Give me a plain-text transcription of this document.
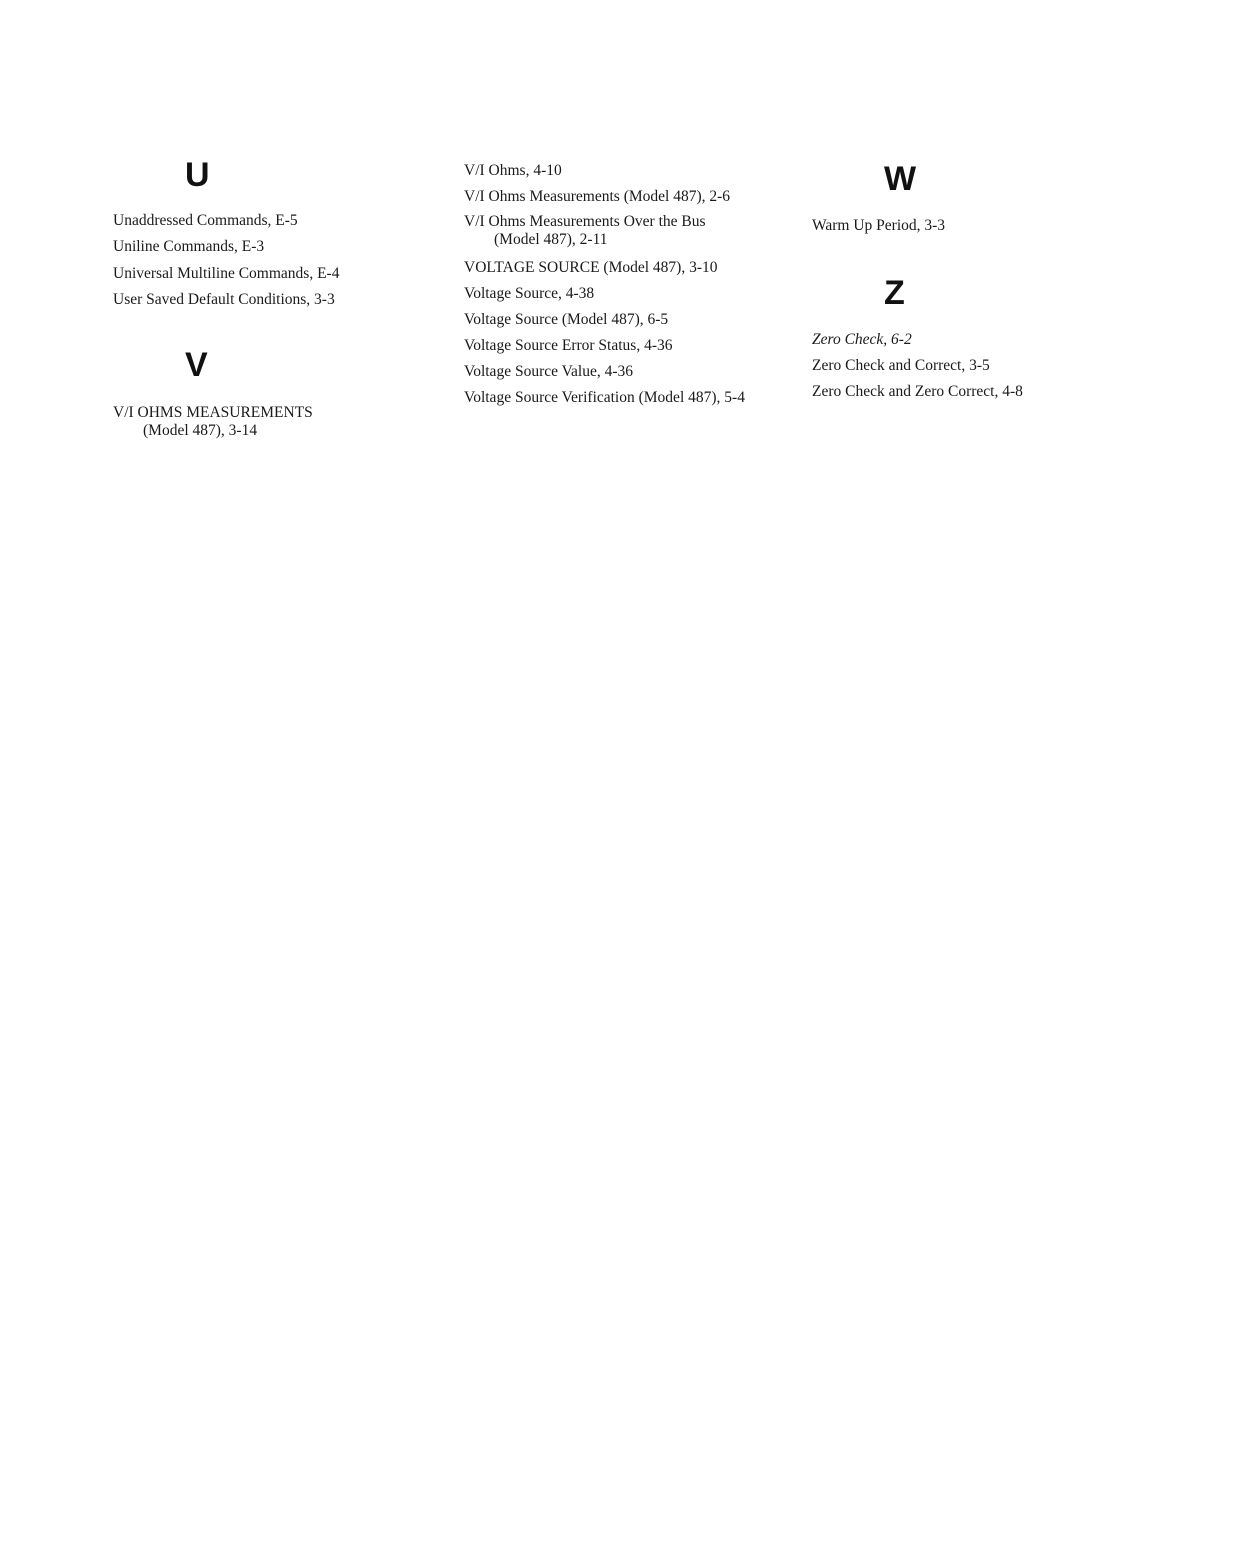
U
Unaddressed Commands, E-5
Uniline Commands, E-3
Universal Multiline Commands, E-4
User Saved Default Conditions, 3-3
V
V/I OHMS MEASUREMENTS
(Model 487), 3-14
V/I Ohms, 4-10
V/I Ohms Measurements (Model 487), 2-6
V/I Ohms Measurements Over the Bus
(Model 487), 2-11
VOLTAGE SOURCE (Model 487), 3-10
Voltage Source, 4-38
Voltage Source (Model 487), 6-5
Voltage Source Error Status, 4-36
Voltage Source Value, 4-36
Voltage Source Verification (Model 487), 5-4
W
Warm Up Period, 3-3
Z
Zero Check, 6-2
Zero Check and Correct, 3-5
Zero Check and Zero Correct, 4-8
